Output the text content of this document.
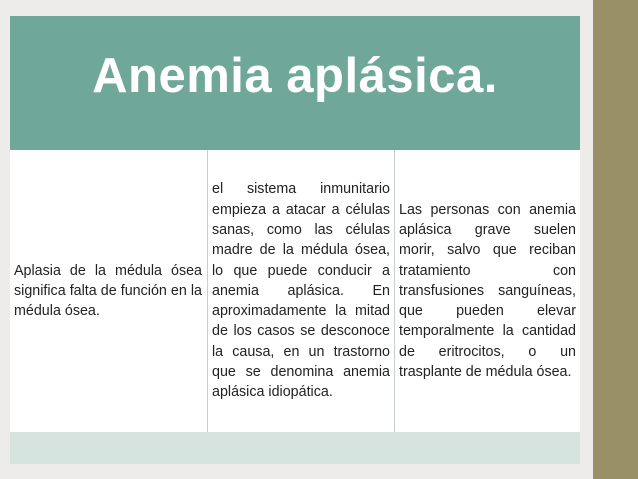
Anemia aplásica.

Aplasia de la médula ósea significa falta de función en la médula ósea.

el sistema inmunitario empieza a atacar a células sanas, como las células madre de la médula ósea, lo que puede conducir a anemia aplásica. En aproximadamente la mitad de los casos se desconoce la causa, en un trastorno que se denomina anemia aplásica idiopática.

Las personas con anemia aplásica grave suelen morir, salvo que reciban tratamiento con transfusiones sanguíneas, que pueden elevar temporalmente la cantidad de eritrocitos, o un trasplante de médula ósea.
